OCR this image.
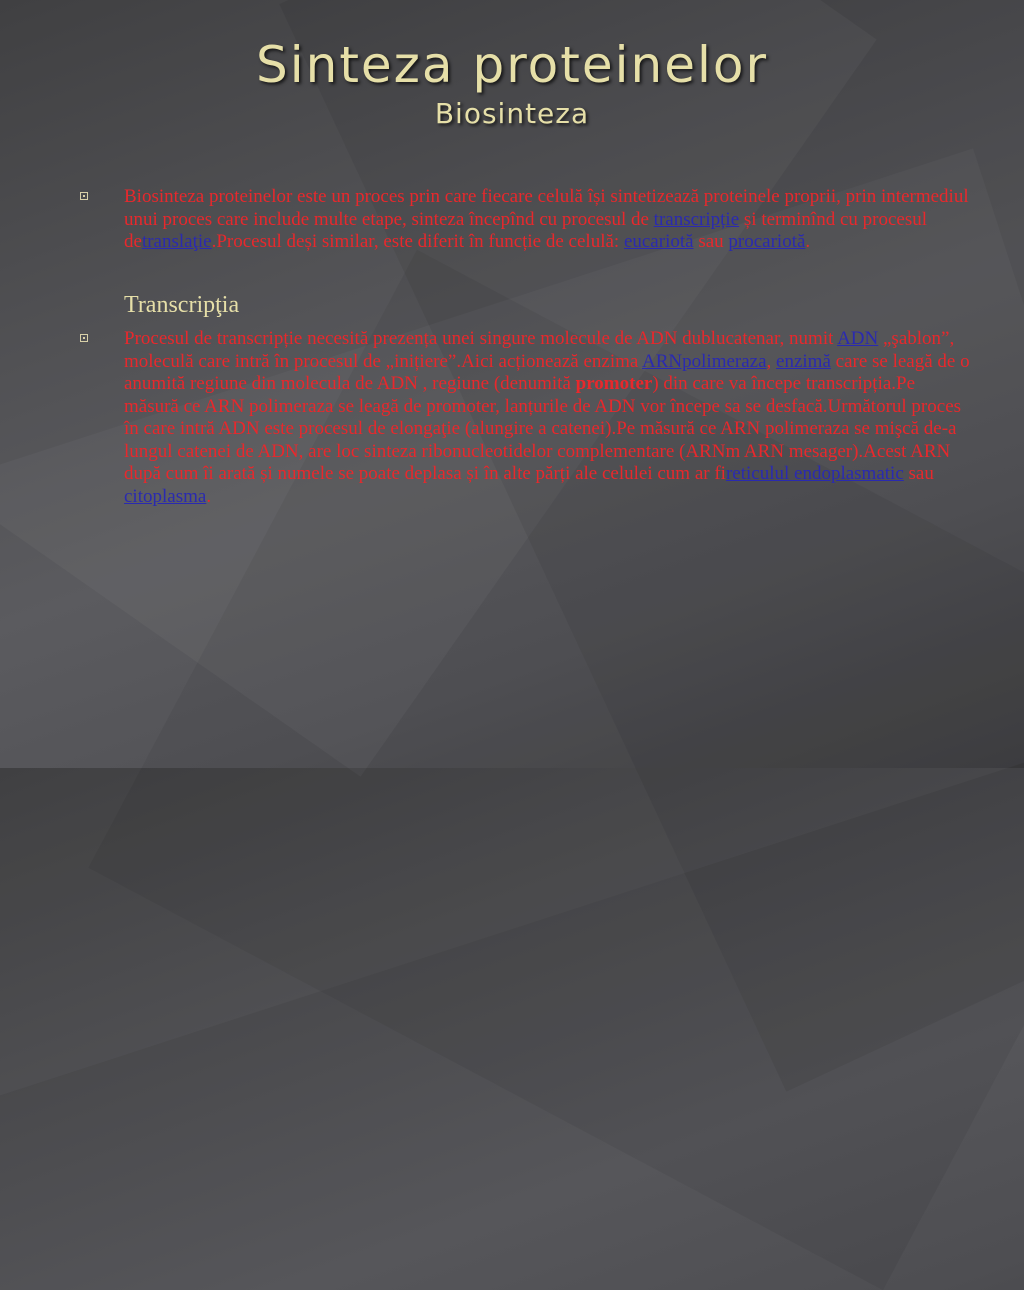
Sinteza proteinelor
Biosinteza
Biosinteza proteinelor este un proces prin care fiecare celulă își sintetizează proteinele proprii, prin intermediul unui proces care include multe etape, sinteza începînd cu procesul de transcripție și terminînd cu procesul detranslaţie.Procesul deși similar, este diferit în funcție de celulă: eucariotă sau procariotă.
Transcripţia
Procesul de transcripție necesită prezența unei singure molecule de ADN dublucatenar, numit ADN „şablon”, moleculă care intră în procesul de „inițiere”.Aici acționează enzima ARNpolimeraza, enzimă care se leagă de o anumită regiune din molecula de ADN , regiune (denumită promoter) din care va începe transcripția.Pe măsură ce ARN polimeraza se leagă de promoter, lanțurile de ADN vor începe sa se desfacă.Următorul proces în care intră ADN este procesul de elongaţie (alungire a catenei).Pe măsură ce ARN polimeraza se mişcă de-a lungul catenei de ADN, are loc sinteza ribonucleotidelor complementare (ARNm ARN mesager).Acest ARN după cum îi arată și numele se poate deplasa și în alte părți ale celulei cum ar fireticulul endoplasmatic sau citoplasma.
